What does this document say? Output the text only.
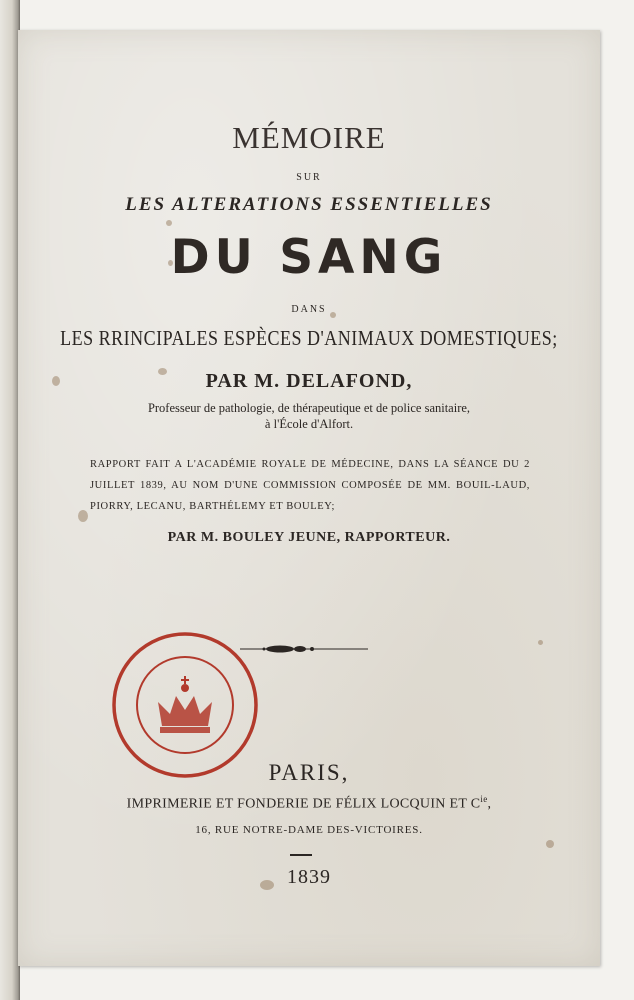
MÉMOIRE
SUR
LES ALTERATIONS ESSENTIELLES
DU SANG
DANS
LES RRINCIPALES ESPÈCES D'ANIMAUX DOMESTIQUES;
PAR M. DELAFOND,
Professeur de pathologie, de thérapeutique et de police sanitaire,
à l'École d'Alfort.
RAPPORT FAIT A L'ACADÉMIE ROYALE DE MÉDECINE, DANS LA SÉANCE DU 2 JUILLET 1839, AU NOM D'UNE COMMISSION COMPOSÉE DE MM. BOUIL-LAUD, PIORRY, LECANU, BARTHÉLEMY ET BOULEY;
PAR M. BOULEY JEUNE, RAPPORTEUR.
PARIS,
IMPRIMERIE ET FONDERIE DE FÉLIX LOCQUIN ET $C^{ie}$,
16, RUE NOTRE-DAME DES-VICTOIRES.
1839
